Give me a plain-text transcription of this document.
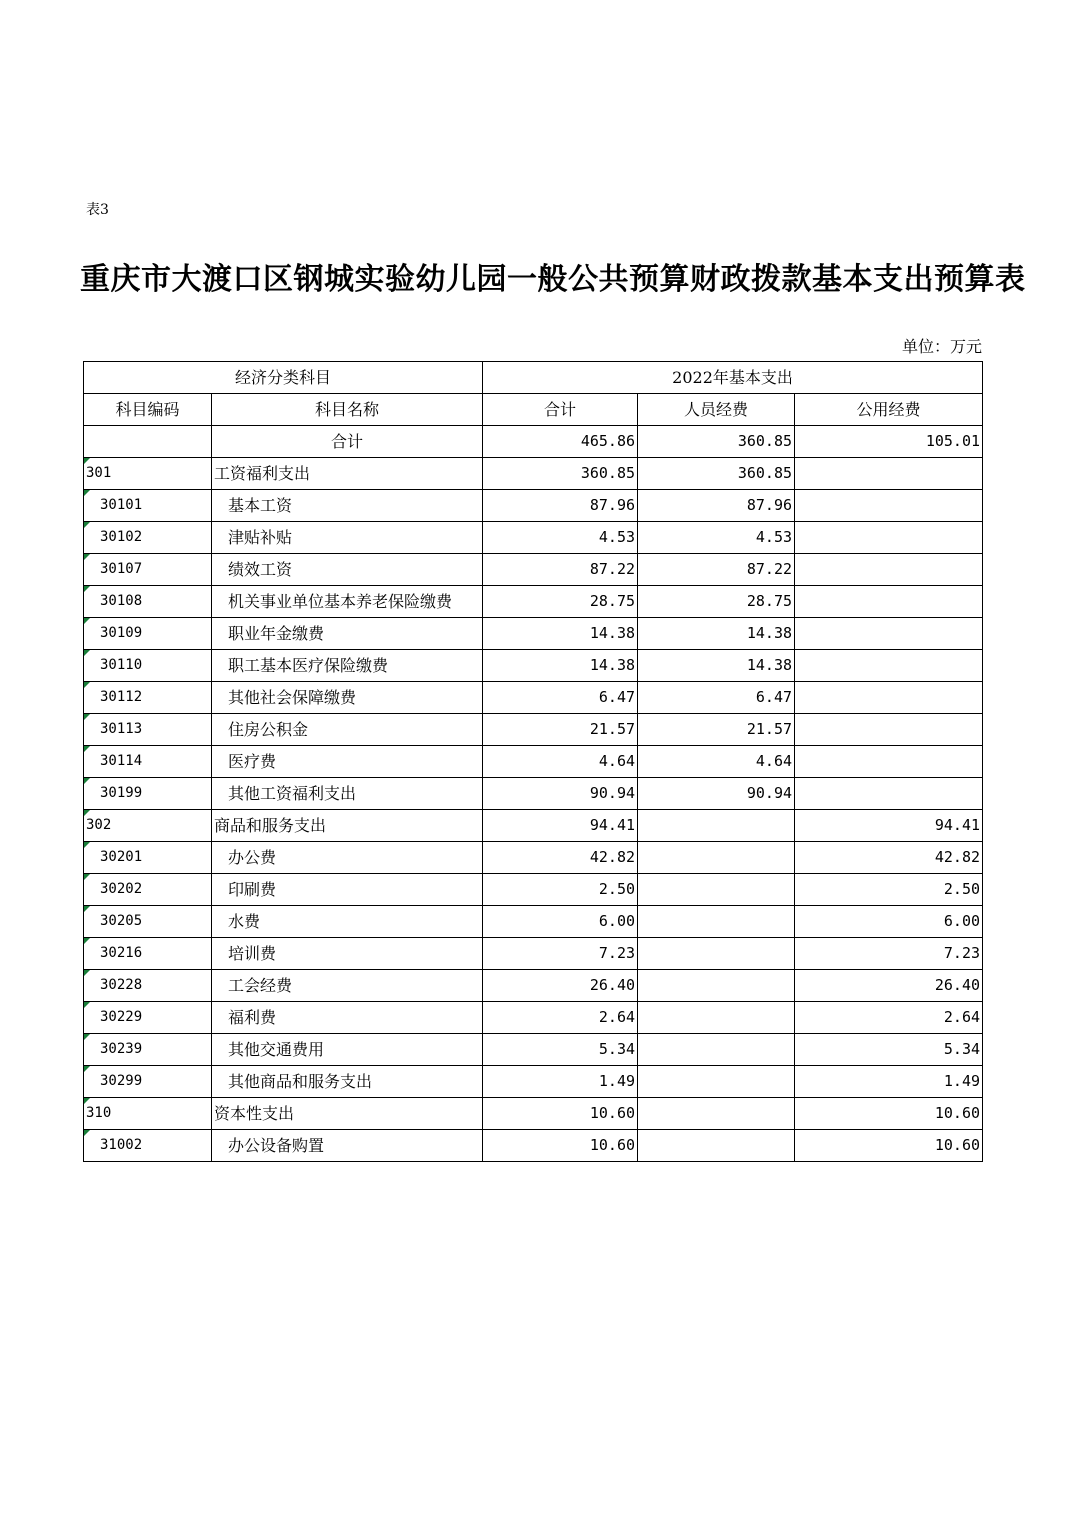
表3
重庆市大渡口区钢城实验幼儿园一般公共预算财政拨款基本支出预算表
单位：万元
经济分类科目		2022年基本支出		
科目编码	科目名称	合计	人员经费	公用经费
	合计	465.86	360.85	105.01

301	工资福利支出	360.85	360.85	

30101	基本工资	87.96	87.96	

30102	津贴补贴	4.53	4.53	

30107	绩效工资	87.22	87.22	

30108	机关事业单位基本养老保险缴费	28.75	28.75	

30109	职业年金缴费	14.38	14.38	

30110	职工基本医疗保险缴费	14.38	14.38	

30112	其他社会保障缴费	6.47	6.47	

30113	住房公积金	21.57	21.57	

30114	医疗费	4.64	4.64	

30199	其他工资福利支出	90.94	90.94	

302	商品和服务支出	94.41		94.41

30201	办公费	42.82		42.82

30202	印刷费	2.50		2.50

30205	水费	6.00		6.00

30216	培训费	7.23		7.23

30228	工会经费	26.40		26.40

30229	福利费	2.64		2.64

30239	其他交通费用	5.34		5.34

30299	其他商品和服务支出	1.49		1.49

310	资本性支出	10.60		10.60

31002	办公设备购置	10.60		10.60
